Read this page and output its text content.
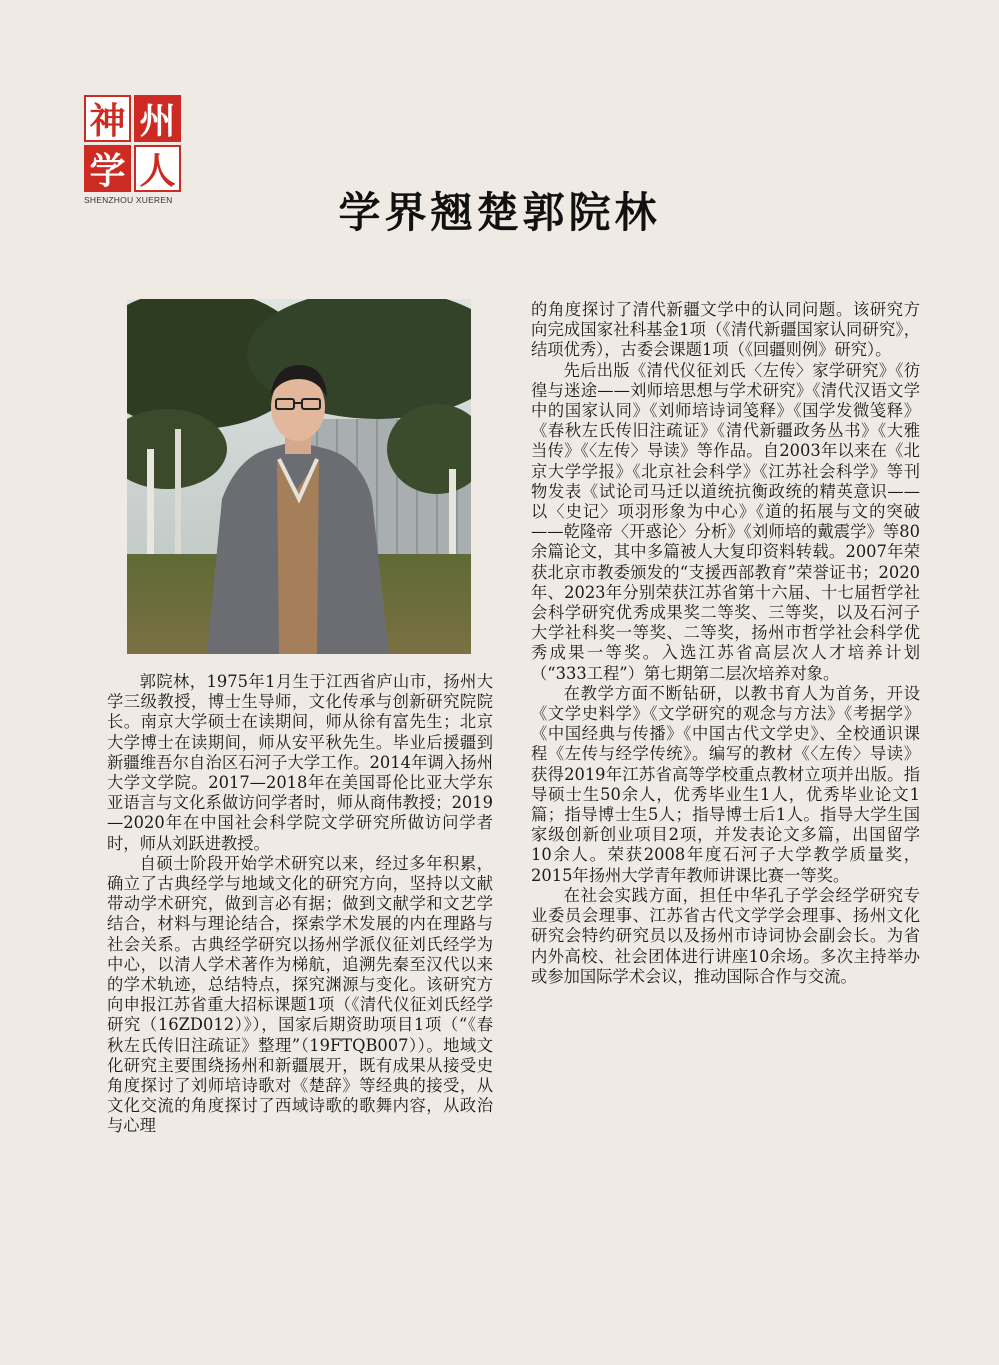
神 州
学 人
SHENZHOU XUEREN	学界翘楚郭院林

郭院林，1975年1月生于江西省庐山市，扬州大学三级教授，博士生导师，文化传承与创新研究院院长。南京大学硕士在读期间，师从徐有富先生；北京大学博士在读期间，师从安平秋先生。毕业后援疆到新疆维吾尔自治区石河子大学工作。2014年调入扬州大学文学院。2017—2018年在美国哥伦比亚大学东亚语言与文化系做访问学者时，师从商伟教授；2019—2020年在中国社会科学院文学研究所做访问学者时，师从刘跃进教授。

自硕士阶段开始学术研究以来，经过多年积累，确立了古典经学与地域文化的研究方向，坚持以文献带动学术研究，做到言必有据；做到文献学和文艺学结合，材料与理论结合，探索学术发展的内在理路与社会关系。古典经学研究以扬州学派仪征刘氏经学为中心，以清人学术著作为梯航，追溯先秦至汉代以来的学术轨迹，总结特点，探究渊源与变化。该研究方向申报江苏省重大招标课题1项（《清代仪征刘氏经学研究（16ZD012）》），国家后期资助项目1项（“《春秋左氏传旧注疏证》整理”（19FTQB007））。地域文化研究主要围绕扬州和新疆展开，既有成果从接受史角度探讨了刘师培诗歌对《楚辞》等经典的接受，从文化交流的角度探讨了西域诗歌的歌舞内容，从政治与心理

的角度探讨了清代新疆文学中的认同问题。该研究方向完成国家社科基金1项（《清代新疆国家认同研究》，结项优秀），古委会课题1项（《回疆则例》研究）。

先后出版《清代仪征刘氏〈左传〉家学研究》《彷徨与迷途——刘师培思想与学术研究》《清代汉语文学中的国家认同》《刘师培诗词笺释》《国学发微笺释》《春秋左氏传旧注疏证》《清代新疆政务丛书》《大雅当传》《〈左传〉导读》等作品。自2003年以来在《北京大学学报》《北京社会科学》《江苏社会科学》等刊物发表《试论司马迁以道统抗衡政统的精英意识——以〈史记〉项羽形象为中心》《道的拓展与文的突破——乾隆帝〈开惑论〉分析》《刘师培的戴震学》等80余篇论文，其中多篇被人大复印资料转载。2007年荣获北京市教委颁发的“支援西部教育”荣誉证书；2020年、2023年分别荣获江苏省第十六届、十七届哲学社会科学研究优秀成果奖二等奖、三等奖，以及石河子大学社科奖一等奖、二等奖，扬州市哲学社会科学优秀成果一等奖。入选江苏省高层次人才培养计划（“333工程”）第七期第二层次培养对象。

在教学方面不断钻研，以教书育人为首务，开设《文学史料学》《文学研究的观念与方法》《考据学》《中国经典与传播》《中国古代文学史》、全校通识课程《左传与经学传统》。编写的教材《〈左传〉导读》获得2019年江苏省高等学校重点教材立项并出版。指导硕士生50余人，优秀毕业生1人，优秀毕业论文1篇；指导博士生5人；指导博士后1人。指导大学生国家级创新创业项目2项，并发表论文多篇，出国留学10余人。荣获2008年度石河子大学教学质量奖，2015年扬州大学青年教师讲课比赛一等奖。

在社会实践方面，担任中华孔子学会经学研究专业委员会理事、江苏省古代文学学会理事、扬州文化研究会特约研究员以及扬州市诗词协会副会长。为省内外高校、社会团体进行讲座10余场。多次主持举办或参加国际学术会议，推动国际合作与交流。
